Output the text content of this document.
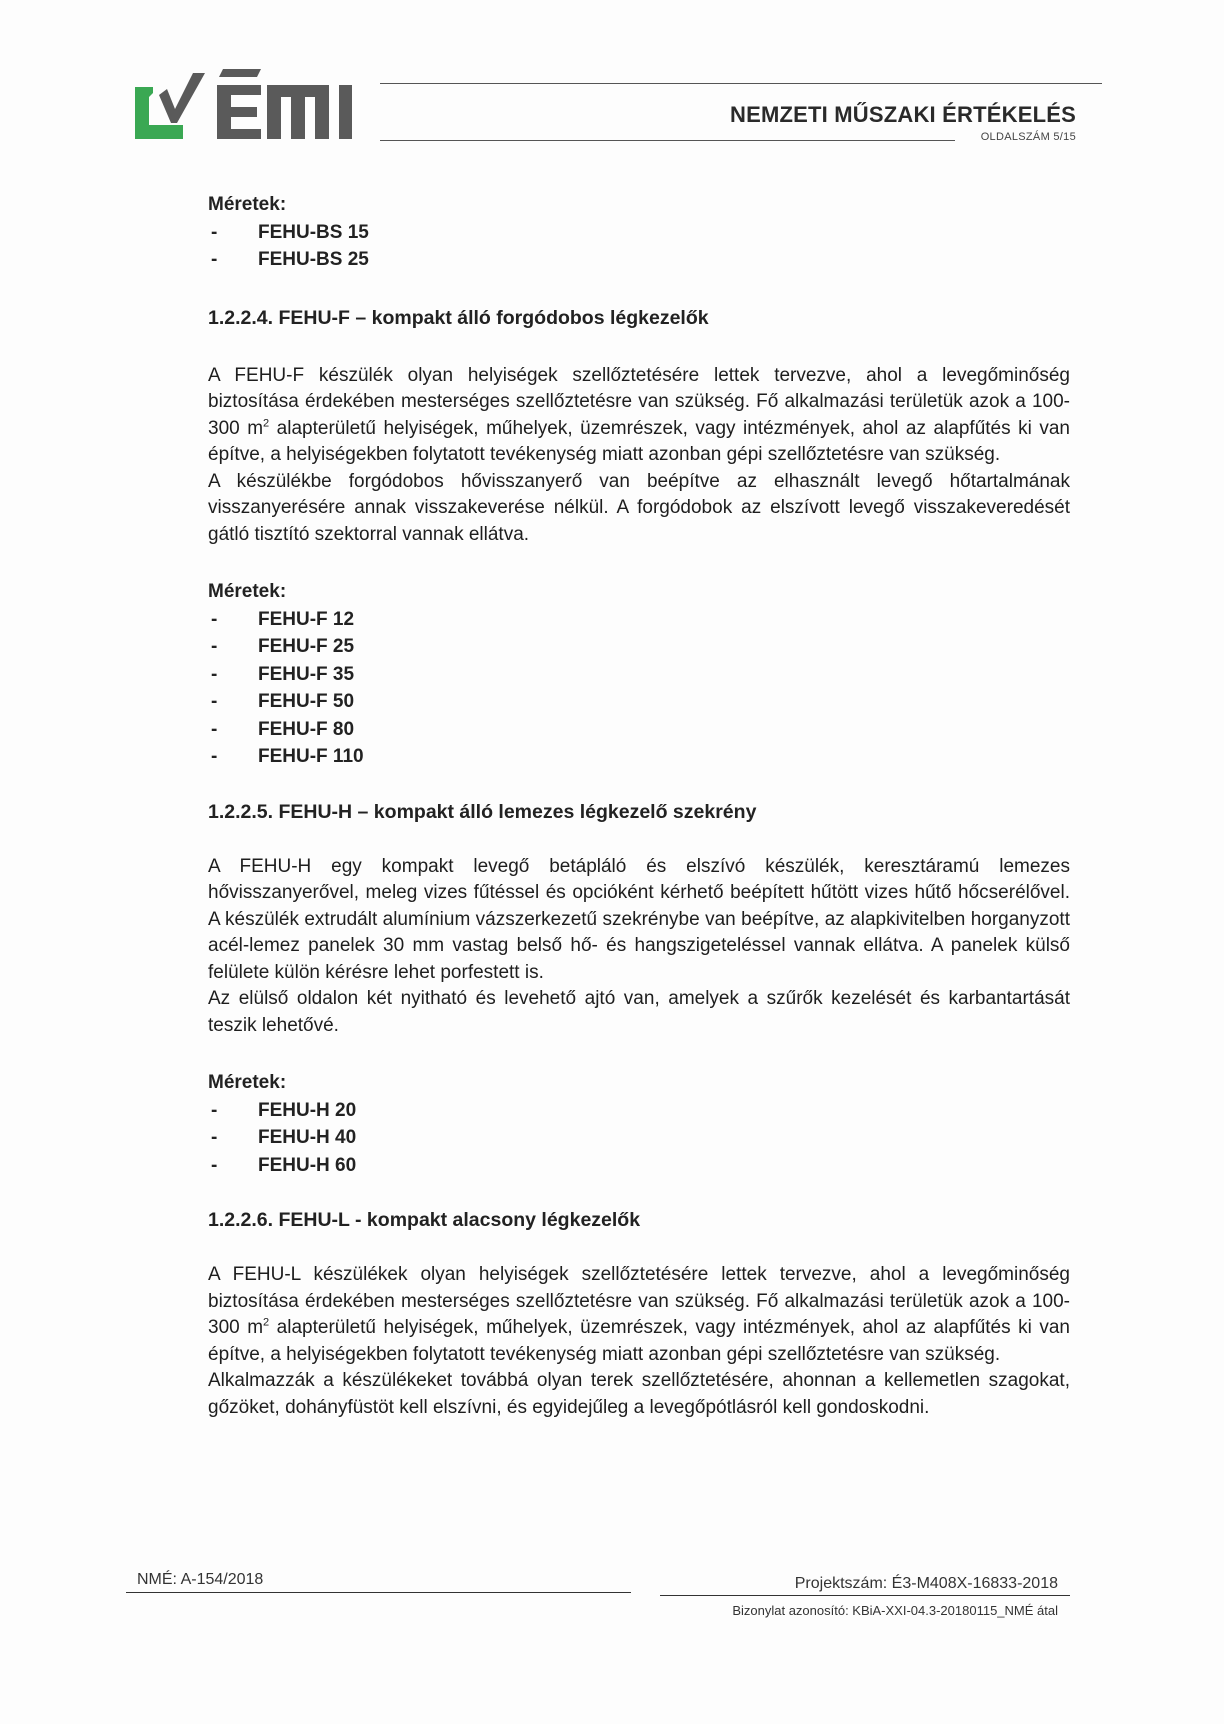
NEMZETI MŰSZAKI ÉRTÉKELÉS
OLDALSZÁM 5/15
Méretek:
-	FEHU-BS 15
-	FEHU-BS 25
1.2.2.4. FEHU-F – kompakt álló forgódobos légkezelők

A FEHU-F készülék olyan helyiségek szellőztetésére lettek tervezve, ahol a levegőminőség biztosítása érdekében mesterséges szellőztetésre van szükség. Fő alkalmazási területük azok a 100-300 $m^2$ alapterületű helyiségek, műhelyek, üzemrészek, vagy intézmények, ahol az alapfűtés ki van építve, a helyiségekben folytatott tevékenység miatt azonban gépi szellőztetésre van szükség.

A készülékbe forgódobos hővisszanyerő van beépítve az elhasznált levegő hőtartalmának visszanyerésére annak visszakeverése nélkül. A forgódobok az elszívott levegő visszakeveredését gátló tisztító szektorral vannak ellátva.

Méretek:
-	FEHU-F 12
-	FEHU-F 25
-	FEHU-F 35
-	FEHU-F 50
-	FEHU-F 80
-	FEHU-F 110
1.2.2.5. FEHU-H – kompakt álló lemezes légkezelő szekrény

A FEHU-H egy kompakt levegő betápláló és elszívó készülék, keresztáramú lemezes hővisszanyerővel, meleg vizes fűtéssel és opcióként kérhető beépített hűtött vizes hűtő hőcserélővel. A készülék extrudált alumínium vázszerkezetű szekrénybe van beépítve, az alapkivitelben horganyzott acél-lemez panelek 30 mm vastag belső hő- és hangszigeteléssel vannak ellátva. A panelek külső felülete külön kérésre lehet porfestett is.

Az elülső oldalon két nyitható és levehető ajtó van, amelyek a szűrők kezelését és karbantartását teszik lehetővé.

Méretek:
-	FEHU-H 20
-	FEHU-H 40
-	FEHU-H 60
1.2.2.6. FEHU-L - kompakt alacsony légkezelők

A FEHU-L készülékek olyan helyiségek szellőztetésére lettek tervezve, ahol a levegőminőség biztosítása érdekében mesterséges szellőztetésre van szükség. Fő alkalmazási területük azok a 100-300 $m^2$ alapterületű helyiségek, műhelyek, üzemrészek, vagy intézmények, ahol az alapfűtés ki van építve, a helyiségekben folytatott tevékenység miatt azonban gépi szellőztetésre van szükség.

Alkalmazzák a készülékeket továbbá olyan terek szellőztetésére, ahonnan a kellemetlen szagokat, gőzöket, dohányfüstöt kell elszívni, és egyidejűleg a levegőpótlásról kell gondoskodni.

NMÉ: A-154/2018	Projektszám: É3-M408X-16833-2018
Bizonylat azonosító: KBiA-XXI-04.3-20180115_NMÉ átal
